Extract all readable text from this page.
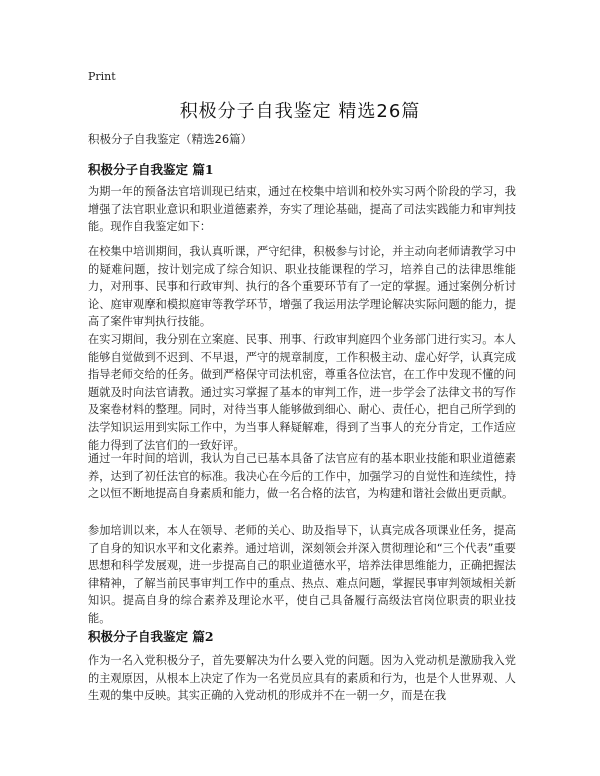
Print
积极分子自我鉴定 精选26篇
积极分子自我鉴定（精选26篇）
积极分子自我鉴定 篇1

为期一年的预备法官培训现已结束，通过在校集中培训和校外实习两个阶段的学习，我增强了法官职业意识和职业道德素养，夯实了理论基础，提高了司法实践能力和审判技能。现作自我鉴定如下：

在校集中培训期间，我认真听课，严守纪律，积极参与讨论，并主动向老师请教学习中的疑难问题，按计划完成了综合知识、职业技能课程的学习，培养自己的法律思维能力，对刑事、民事和行政审判、执行的各个重要环节有了一定的掌握。通过案例分析讨论、庭审观摩和模拟庭审等教学环节，增强了我运用法学理论解决实际问题的能力，提高了案件审判执行技能。

在实习期间，我分别在立案庭、民事、刑事、行政审判庭四个业务部门进行实习。本人能够自觉做到不迟到、不早退，严守的规章制度，工作积极主动、虚心好学，认真完成指导老师交给的任务。做到严格保守司法机密，尊重各位法官，在工作中发现不懂的问题就及时向法官请教。通过实习掌握了基本的审判工作，进一步学会了法律文书的写作及案卷材料的整理。同时，对待当事人能够做到细心、耐心、责任心，把自己所学到的法学知识运用到实际工作中，为当事人释疑解难，得到了当事人的充分肯定，工作适应能力得到了法官们的一致好评。

通过一年时间的培训，我认为自己已基本具备了法官应有的基本职业技能和职业道德素养，达到了初任法官的标准。我决心在今后的工作中，加强学习的自觉性和连续性，持之以恒不断地提高自身素质和能力，做一名合格的法官，为构建和谐社会做出更贡献。

参加培训以来，本人在领导、老师的关心、助及指导下，认真完成各项课业任务，提高了自身的知识水平和文化素养。通过培训，深刻领会并深入贯彻理论和“三个代表”重要思想和科学发展观，进一步提高自己的职业道德水平，培养法律思维能力，正确把握法律精神，了解当前民事审判工作中的重点、热点、难点问题，掌握民事审判领域相关新知识。提高自身的综合素养及理论水平，使自己具备履行高级法官岗位职责的职业技能。

积极分子自我鉴定 篇2

作为一名入党积极分子，首先要解决为什么要入党的问题。因为入党动机是激励我入党的主观原因，从根本上决定了作为一名党员应具有的素质和行为，也是个人世界观、人生观的集中反映。其实正确的入党动机的形成并不在一朝一夕，而是在我
